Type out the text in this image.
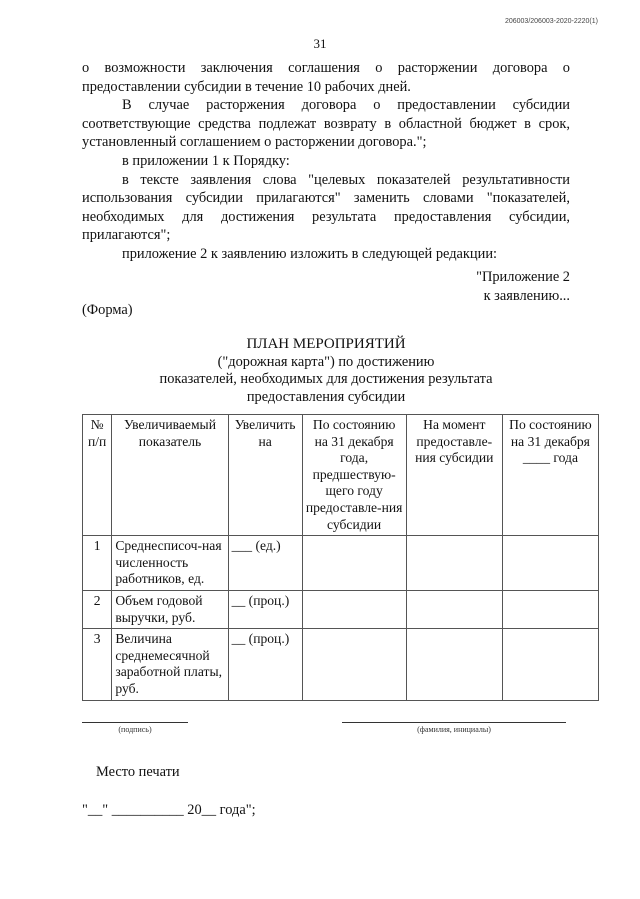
206003/206003-2020-2220(1)
31

о возможности заключения соглашения о расторжении договора о предоставлении субсидии в течение 10 рабочих дней.

В случае расторжения договора о предоставлении субсидии соответствующие средства подлежат возврату в областной бюджет в срок, установленный соглашением о расторжении договора.";

в приложении 1 к Порядку:

в тексте заявления слова "целевых показателей результативности использования субсидии прилагаются" заменить словами "показателей, необходимых для достижения результата предоставления субсидии, прилагаются";

приложение 2 к заявлению изложить в следующей редакции:

"Приложение 2
к заявлению...
(Форма)
ПЛАН МЕРОПРИЯТИЙ
("дорожная карта") по достижению
показателей, необходимых для достижения результата
предоставления субсидии
№ п/п	Увеличиваемый показатель	Увеличить на	По состоянию на 31 декабря года, предшествую-щего году предоставле-ния субсидии	На момент предоставле-ния субсидии	По состоянию на 31 декабря ____ года
1	Среднесписоч-ная численность работников, ед.	___ (ед.)			
2	Объем годовой выручки, руб.	__ (проц.)			
3	Величина среднемесячной заработной платы, руб.	__ (проц.)			
(подпись)	(фамилия, инициалы)
Место печати
"__" __________ 20__ года";
